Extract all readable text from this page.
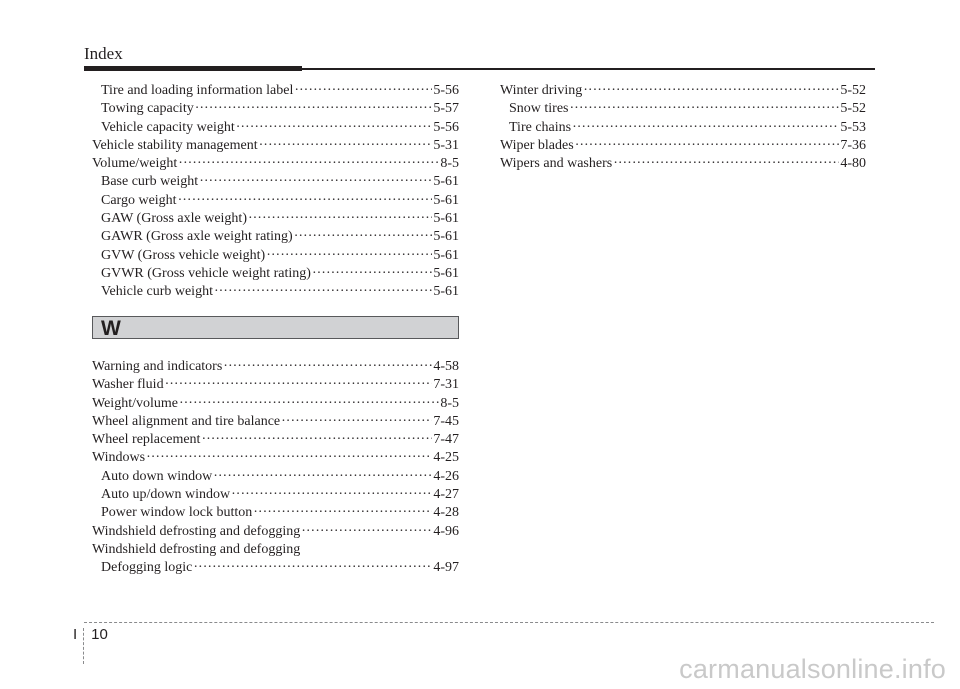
Index
Tire and loading information label ·····	5-56
Towing capacity ·····	5-57
Vehicle capacity weight ·····	5-56
Vehicle stability management ·····	5-31
Volume/weight ·····	8-5
Base curb weight ·····	5-61
Cargo weight ·····	5-61
GAW (Gross axle weight) ·····	5-61
GAWR (Gross axle weight rating) ·····	5-61
GVW (Gross vehicle weight) ·····	5-61
GVWR (Gross vehicle weight rating) ·····	5-61
Vehicle curb weight ·····	5-61
W
Warning and indicators ·····	4-58
Washer fluid ·····	7-31
Weight/volume ·····	8-5
Wheel alignment and tire balance ·····	7-45
Wheel replacement ·····	7-47
Windows ·····	4-25
Auto down window ·····	4-26
Auto up/down window ·····	4-27
Power window lock button ·····	4-28
Windshield defrosting and defogging ·····	4-96
Windshield defrosting and defogging
Defogging logic ·····	4-97
Winter driving ·····	5-52
Snow tires ·····	5-52
Tire chains ·····	5-53
Wiper blades ·····	7-36
Wipers and washers ·····	4-80
I 10
carmanualsonline.info
